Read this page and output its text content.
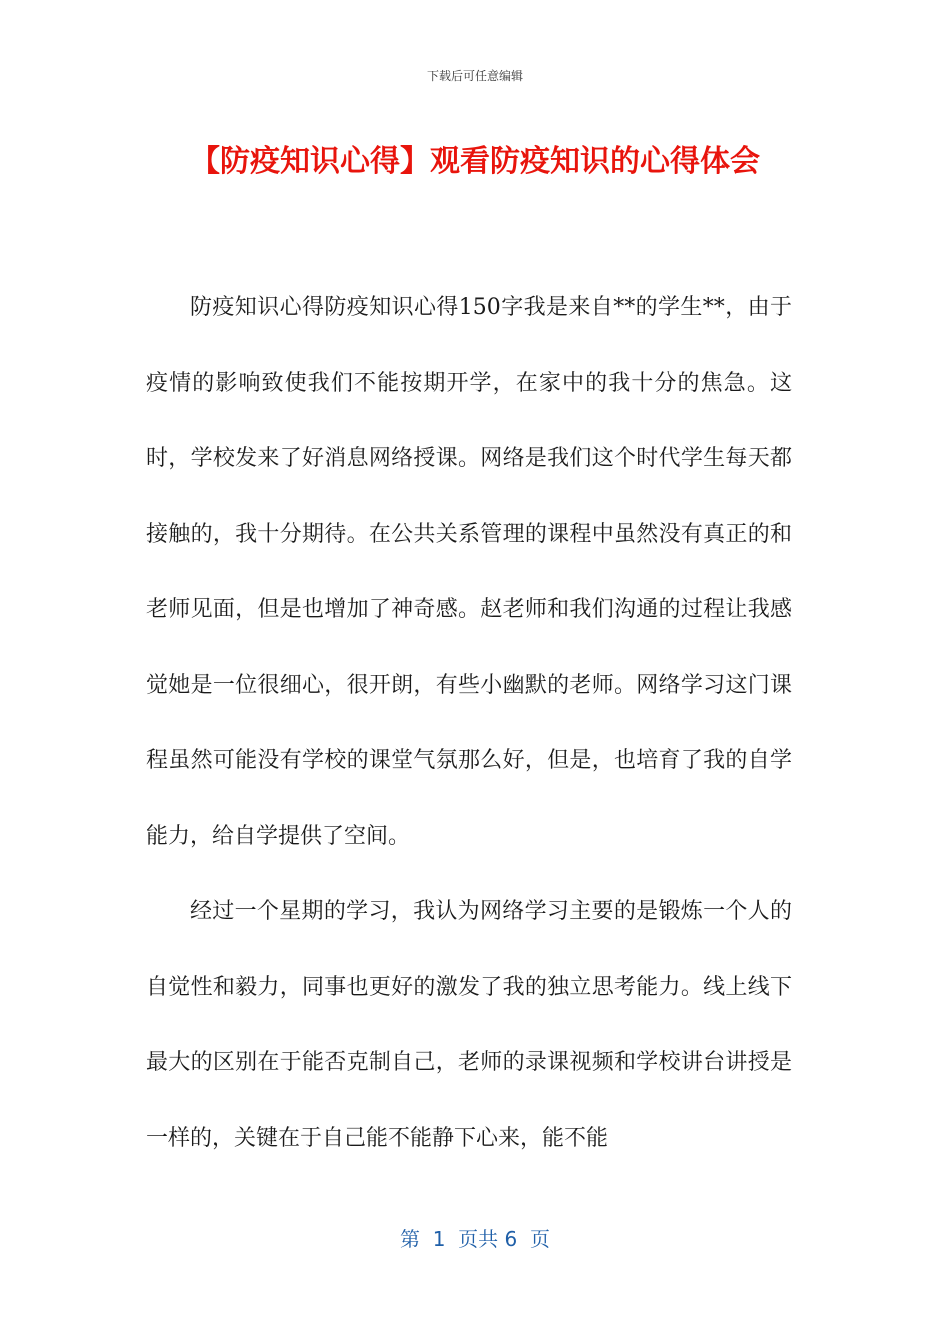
下载后可任意编辑
【防疫知识心得】观看防疫知识的心得体会

防疫知识心得防疫知识心得150字我是来自**的学生**，由于疫情的影响致使我们不能按期开学，在家中的我十分的焦急。这时，学校发来了好消息网络授课。网络是我们这个时代学生每天都接触的，我十分期待。在公共关系管理的课程中虽然没有真正的和老师见面，但是也增加了神奇感。赵老师和我们沟通的过程让我感觉她是一位很细心，很开朗，有些小幽默的老师。网络学习这门课程虽然可能没有学校的课堂气氛那么好，但是，也培育了我的自学能力，给自学提供了空间。

经过一个星期的学习，我认为网络学习主要的是锻炼一个人的自觉性和毅力，同事也更好的激发了我的独立思考能力。线上线下最大的区别在于能否克制自己，老师的录课视频和学校讲台讲授是一样的，关键在于自己能不能静下心来，能不能

第  1  页共 6  页
